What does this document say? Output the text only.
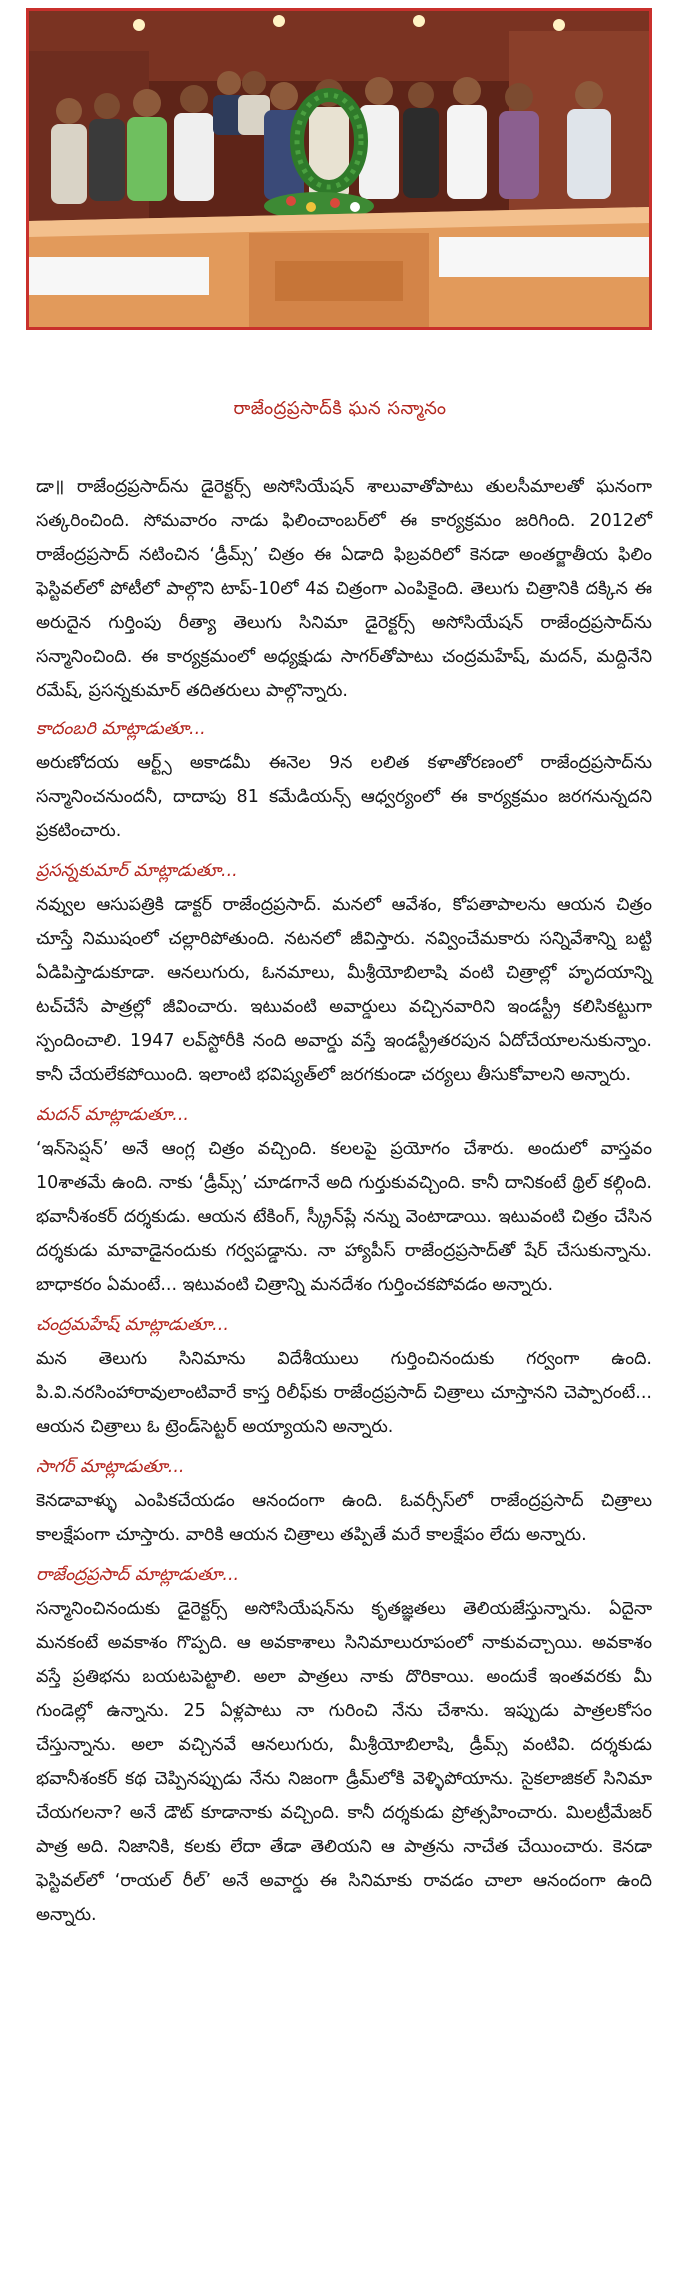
రాజేంద్రప్రసాద్‌కి ఘన సన్మానం

డా॥ రాజేంద్రప్రసాద్‌ను డైరెక్టర్స్‌ అసోసియేషన్‌ శాలువాతోపాటు తులసీమాలతో ఘనంగా సత్కరించింది. సోమవారం నాడు ఫిలించాంబర్‌లో ఈ కార్యక్రమం జరిగింది. 2012లో రాజేంద్రప్రసాద్‌ నటించిన ‘డ్రీమ్స్‌’ చిత్రం ఈ ఏడాది ఫిబ్రవరిలో కెనడా అంతర్జాతీయ ఫిలిం ఫెస్టివల్‌లో పోటీలో పాల్గొని టాప్‌-10లో 4వ చిత్రంగా ఎంపికైంది. తెలుగు చిత్రానికి దక్కిన ఈ అరుదైన గుర్తింపు రీత్యా తెలుగు సినిమా డైరెక్టర్స్‌ అసోసియేషన్‌ రాజేంద్రప్రసాద్‌ను సన్మానించింది. ఈ కార్యక్రమంలో అధ్యక్షుడు సాగర్‌తోపాటు చంద్రమహేష్‌, మదన్‌, మద్దినేని రమేష్‌, ప్రసన్నకుమార్‌ తదితరులు పాల్గొన్నారు.

కాదంబరి మాట్లాడుతూ...

అరుణోదయ ఆర్ట్స్‌ అకాడమీ ఈనెల 9న లలిత కళాతోరణంలో రాజేంద్రప్రసాద్‌ను సన్మానించనుందనీ, దాదాపు 81 కమేడియన్స్‌ ఆధ్వర్యంలో ఈ కార్యక్రమం జరగనున్నదని ప్రకటించారు.

ప్రసన్నకుమార్‌ మాట్లాడుతూ...

నవ్వుల ఆసుపత్రికి డాక్టర్‌ రాజేంద్రప్రసాద్‌. మనలో ఆవేశం, కోపతాపాలను ఆయన చిత్రం చూస్తే నిముషంలో చల్లారిపోతుంది. నటనలో జీవిస్తారు. నవ్వించేమకారు సన్నివేశాన్ని బట్టి ఏడిపిస్తాడుకూడా. ఆనలుగురు, ఓనమాలు, మీశ్రీయోబిలాషి వంటి చిత్రాల్లో హృదయాన్ని టచ్‌చేసే పాత్రల్లో జీవించారు. ఇటువంటి అవార్డులు వచ్చినవారిని ఇండస్ట్రీ కలిసికట్టుగా స్పందించాలి. 1947 లవ్‌స్టోరీకి నంది అవార్డు వస్తే ఇండస్ట్రీతరపున ఏదోచేయాలనుకున్నాం. కానీ చేయలేకపోయింది. ఇలాంటి భవిష్యత్‌లో జరగకుండా చర్యలు తీసుకోవాలని అన్నారు.

మదన్‌ మాట్లాడుతూ...

‘ఇన్‌సెప్షన్‌’ అనే ఆంగ్ల చిత్రం వచ్చింది. కలలపై ప్రయోగం చేశారు. అందులో వాస్తవం 10శాతమే ఉంది. నాకు ‘డ్రీమ్స్‌’ చూడగానే అది గుర్తుకువచ్చింది. కానీ దానికంటే థ్రిల్‌ కల్గింది. భవానీశంకర్‌ దర్శకుడు. ఆయన టేకింగ్‌, స్క్రీన్‌ప్లే నన్ను వెంటాడాయి. ఇటువంటి చిత్రం చేసిన దర్శకుడు మావాడైనందుకు గర్వపడ్డాను. నా హ్యాపీస్‌ రాజేంద్రప్రసాద్‌తో షేర్‌ చేసుకున్నాను. బాధాకరం ఏమంటే... ఇటువంటి చిత్రాన్ని మనదేశం గుర్తించకపోవడం అన్నారు.

చంద్రమహేష్‌ మాట్లాడుతూ...

మన తెలుగు సినిమాను విదేశీయులు గుర్తించినందుకు గర్వంగా ఉంది. పి.వి.నరసింహారావులాంటివారే కాస్త రిలీఫ్‌కు రాజేంద్రప్రసాద్‌ చిత్రాలు చూస్తానని చెప్పారంటే... ఆయన చిత్రాలు ఓ ట్రెండ్‌సెట్టర్‌ అయ్యాయని అన్నారు.

సాగర్‌ మాట్లాడుతూ...

కెనడావాళ్ళు ఎంపికచేయడం ఆనందంగా ఉంది. ఓవర్సీస్‌లో రాజేంద్రప్రసాద్‌ చిత్రాలు కాలక్షేపంగా చూస్తారు. వారికి ఆయన చిత్రాలు తప్పితే మరే కాలక్షేపం లేదు అన్నారు.

రాజేంద్రప్రసాద్‌ మాట్లాడుతూ...

సన్మానించినందుకు డైరెక్టర్స్‌ అసోసియేషన్‌ను కృతజ్ఞతలు తెలియజేస్తున్నాను. ఏదైనా మనకంటే అవకాశం గొప్పది. ఆ అవకాశాలు సినిమాలురూపంలో నాకువచ్చాయి. అవకాశం వస్తే ప్రతిభను బయటపెట్టాలి. అలా పాత్రలు నాకు దొరికాయి. అందుకే ఇంతవరకు మీ గుండెల్లో ఉన్నాను. 25 ఏళ్లపాటు నా గురించి నేను చేశాను. ఇప్పుడు పాత్రలకోసం చేస్తున్నాను. అలా వచ్చినవే ఆనలుగురు, మీశ్రీయోబిలాషి, డ్రీమ్స్‌ వంటివి. దర్శకుడు భవానీశంకర్‌ కథ చెప్పినప్పుడు నేను నిజంగా డ్రీమ్‌లోకి వెళ్ళిపోయాను. సైకలాజికల్‌ సినిమా చేయగలనా? అనే డౌట్‌ కూడానాకు వచ్చింది. కానీ దర్శకుడు ప్రోత్సహించారు. మిలట్రీమేజర్‌ పాత్ర అది. నిజానికి, కలకు లేదా తేడా తెలియని ఆ పాత్రను నాచేత చేయించారు. కెనడా ఫెస్టివల్‌లో ‘రాయల్‌ రీల్‌’ అనే అవార్డు ఈ సినిమాకు రావడం చాలా ఆనందంగా ఉంది అన్నారు.
